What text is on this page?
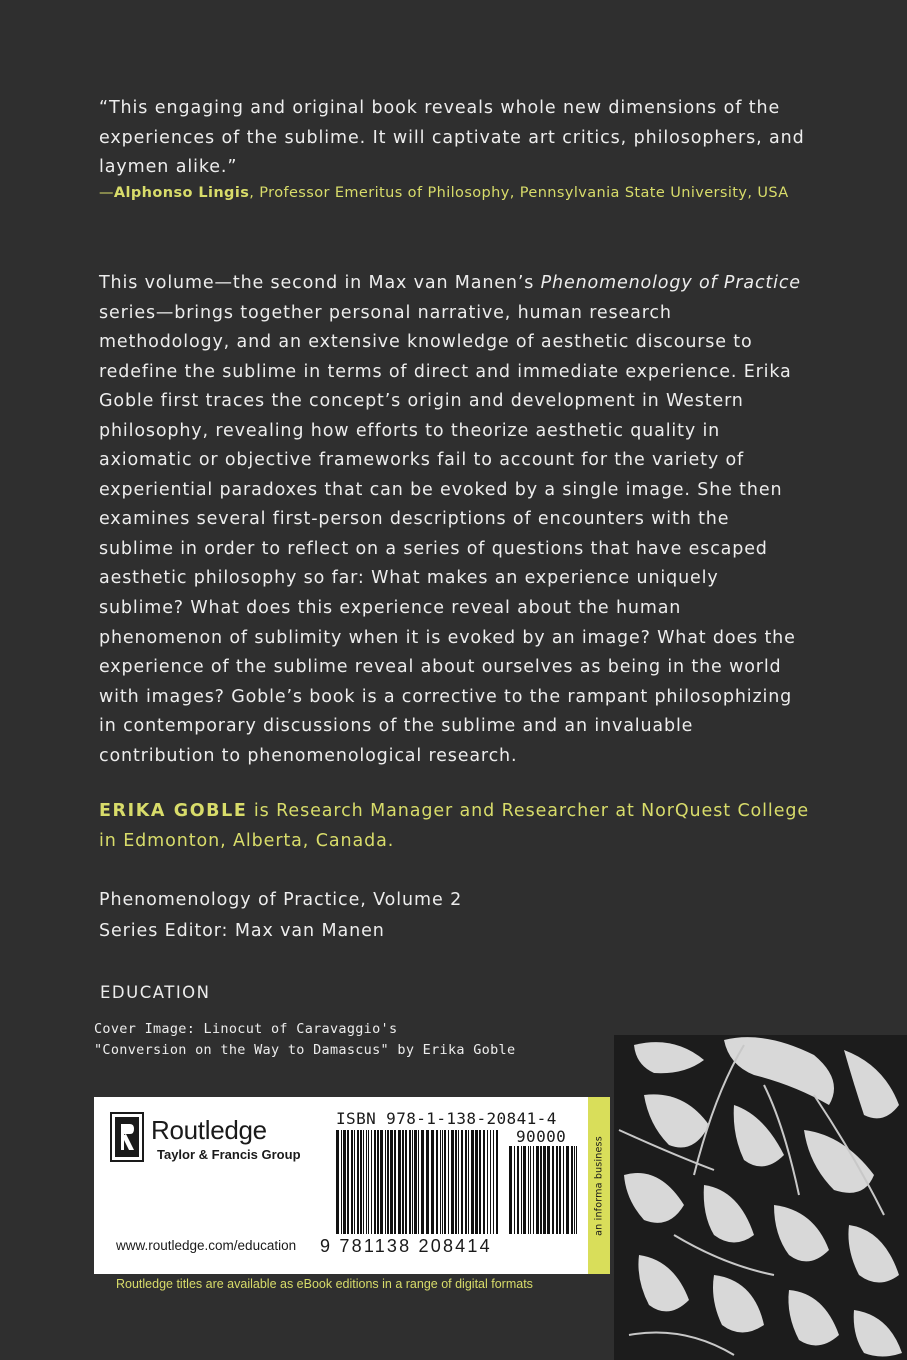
“This engaging and original book reveals whole new dimensions of the experiences of the sublime. It will captivate art critics, philosophers, and laymen alike.”
—Alphonso Lingis, Professor Emeritus of Philosophy, Pennsylvania State University, USA
This volume—the second in Max van Manen’s Phenomenology of Practice series—brings together personal narrative, human research methodology, and an extensive knowledge of aesthetic discourse to redefine the sublime in terms of direct and immediate experience. Erika Goble first traces the concept’s origin and development in Western philosophy, revealing how efforts to theorize aesthetic quality in axiomatic or objective frameworks fail to account for the variety of experiential paradoxes that can be evoked by a single image. She then examines several first-person descriptions of encounters with the sublime in order to reflect on a series of questions that have escaped aesthetic philosophy so far: What makes an experience uniquely sublime? What does this experience reveal about the human phenomenon of sublimity when it is evoked by an image? What does the experience of the sublime reveal about ourselves as being in the world with images? Goble’s book is a corrective to the rampant philosophizing in contemporary discussions of the sublime and an invaluable contribution to phenomenological research.
ERIKA GOBLE is Research Manager and Researcher at NorQuest College in Edmonton, Alberta, Canada.
Phenomenology of Practice, Volume 2
Series Editor: Max van Manen
EDUCATION
Cover Image: Linocut of Caravaggio's
"Conversion on the Way to Damascus" by Erika Goble
an informa business
Routledge
Taylor & Francis Group
www.routledge.com/education
ISBN 978-1-138-20841-4
90000
9 781138 208414
Routledge titles are available as eBook editions in a range of digital formats
